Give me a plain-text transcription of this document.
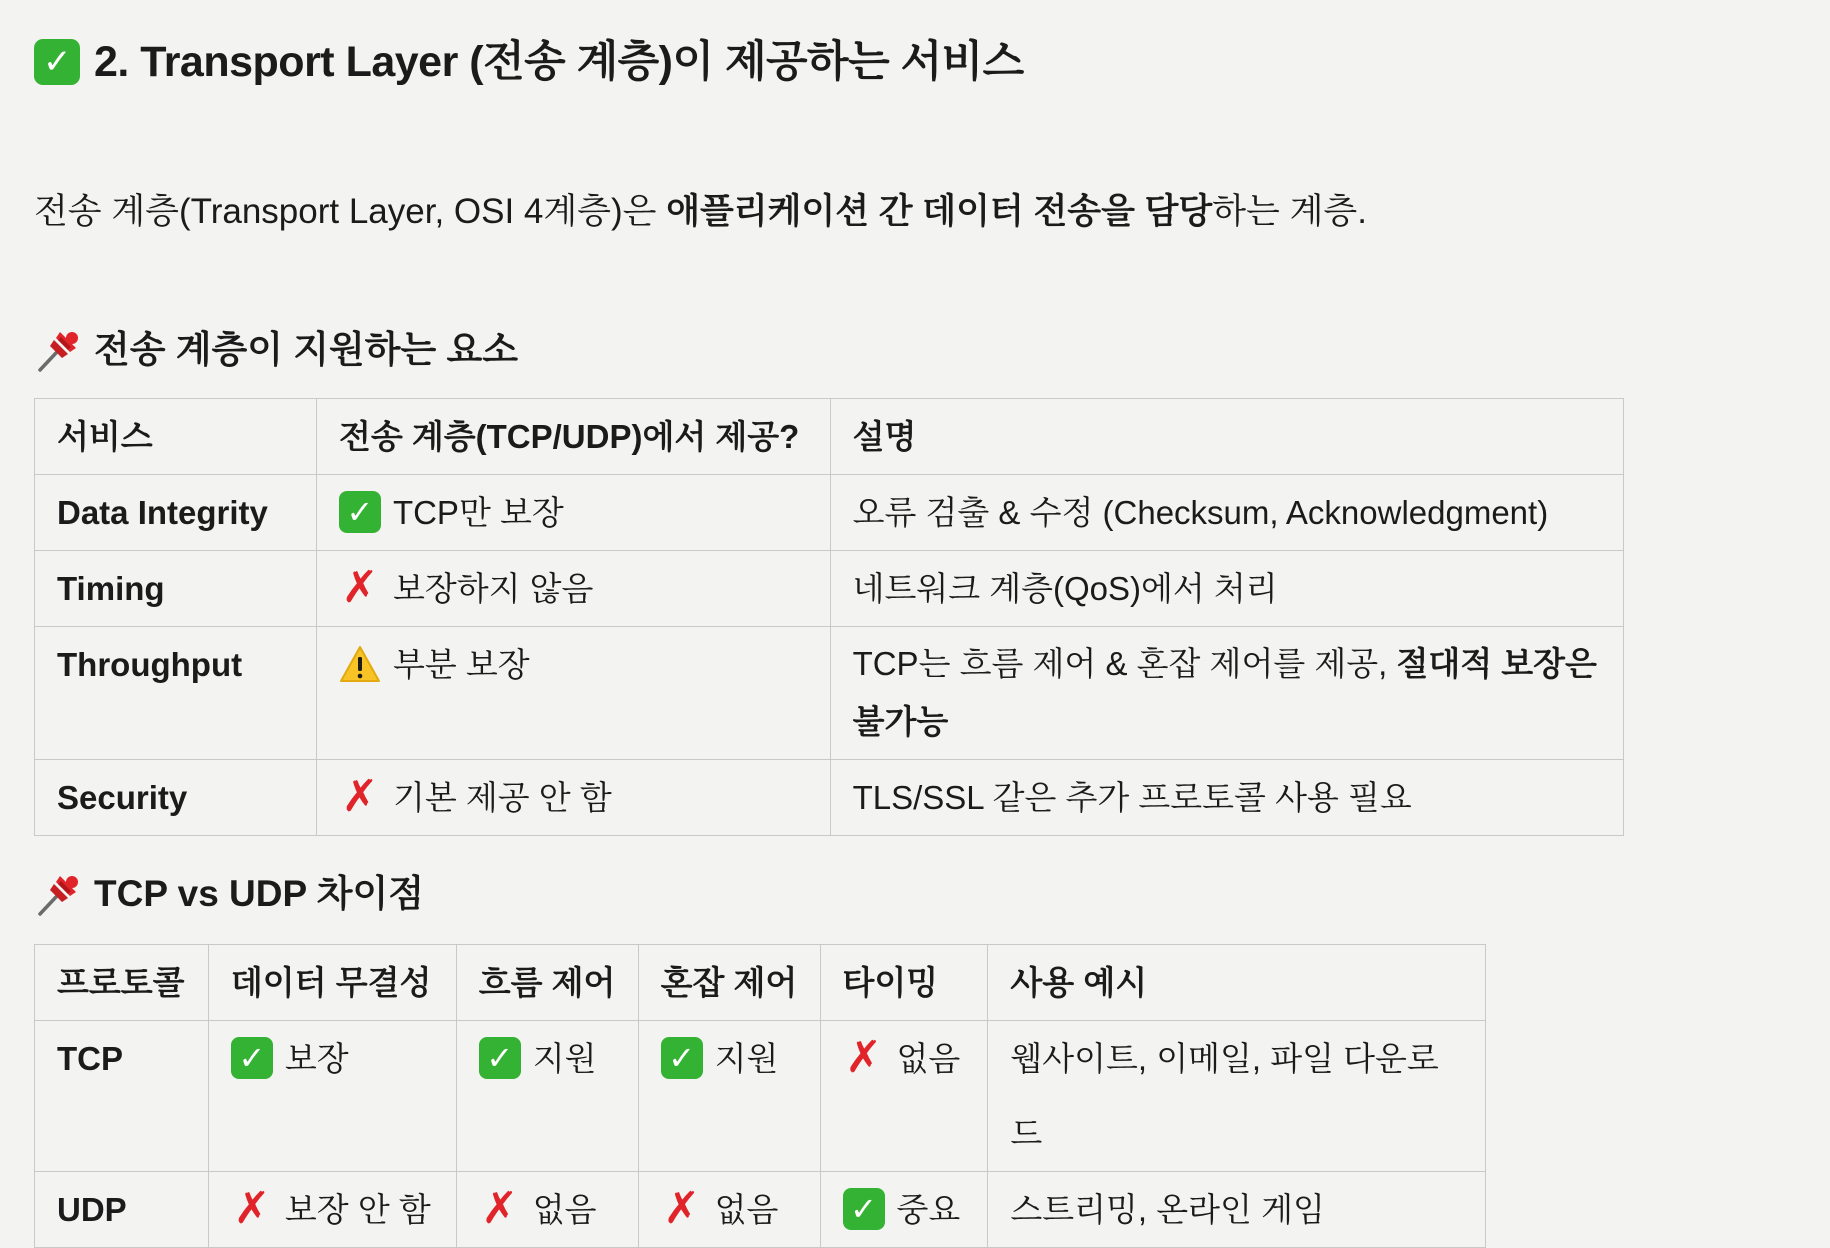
✓ 2. Transport Layer (전송 계층)이 제공하는 서비스

전송 계층(Transport Layer, OSI 4계층)은 애플리케이션 간 데이터 전송을 담당하는 계층.

전송 계층이 지원하는 요소
서비스	전송 계층(TCP/UDP)에서 제공?	설명
Data Integrity	✓ TCP만 보장	오류 검출 & 수정 (Checksum, Acknowledgment)
Timing	✗ 보장하지 않음	네트워크 계층(QoS)에서 처리
Throughput	부분 보장	TCP는 흐름 제어 & 혼잡 제어를 제공, 절대적 보장은 불가능
Security	✗ 기본 제공 안 함	TLS/SSL 같은 추가 프로토콜 사용 필요
TCP vs UDP 차이점
프로토콜	데이터 무결성	흐름 제어	혼잡 제어	타이밍	사용 예시
TCP	✓ 보장	✓ 지원	✓ 지원	✗ 없음	웹사이트, 이메일, 파일 다운로드
UDP	✗ 보장 안 함	✗ 없음	✗ 없음	✓ 중요	스트리밍, 온라인 게임
